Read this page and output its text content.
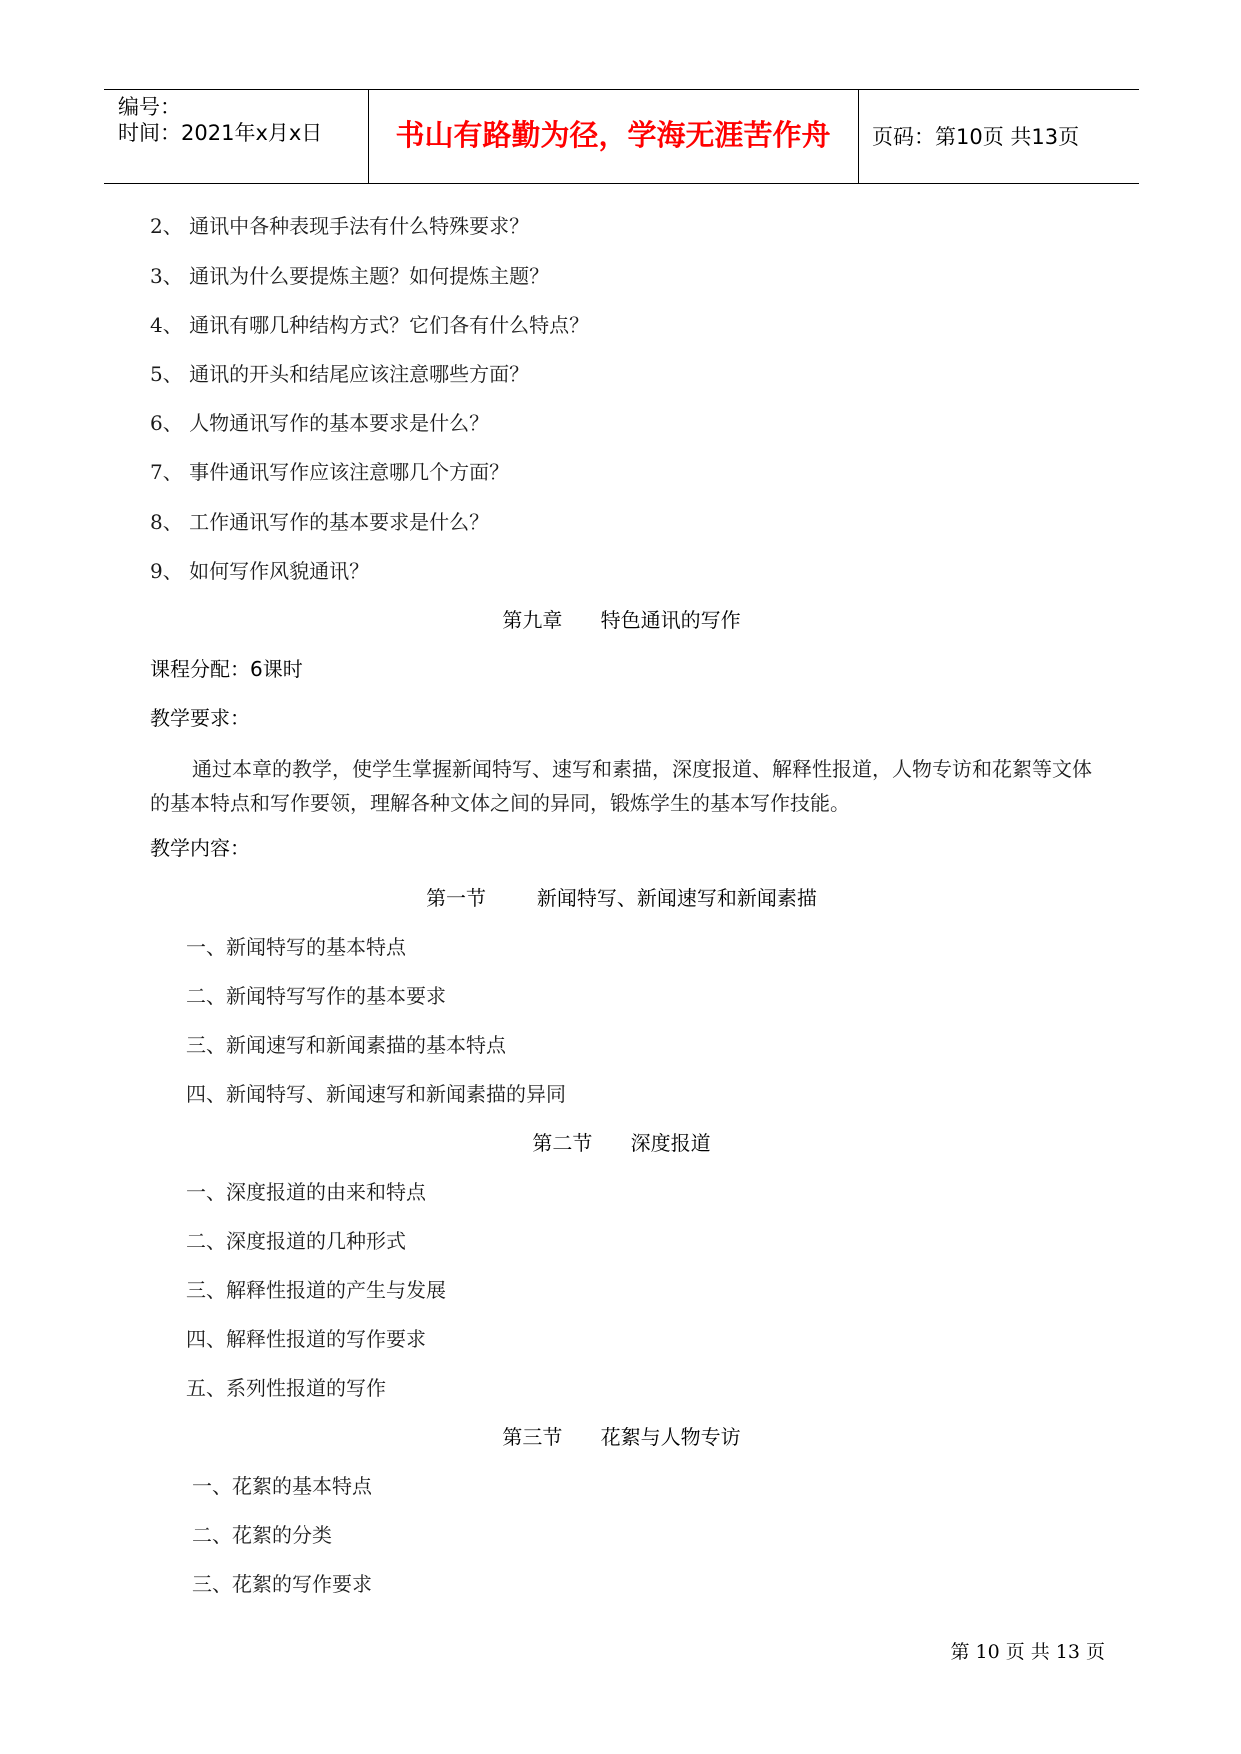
编号：
时间：2021年x月x日	书山有路勤为径，学海无涯苦作舟	页码：第10页 共13页
2、 通讯中各种表现手法有什么特殊要求？
3、 通讯为什么要提炼主题？如何提炼主题？
4、 通讯有哪几种结构方式？它们各有什么特点？
5、 通讯的开头和结尾应该注意哪些方面？
6、 人物通讯写作的基本要求是什么？
7、 事件通讯写作应该注意哪几个方面？
8、 工作通讯写作的基本要求是什么？
9、 如何写作风貌通讯？
第九章      特色通讯的写作
课程分配：6课时
教学要求：
通过本章的教学，使学生掌握新闻特写、速写和素描，深度报道、解释性报道，人物专访和花絮等文体的基本特点和写作要领，理解各种文体之间的异同，锻炼学生的基本写作技能。
教学内容：
第一节        新闻特写、新闻速写和新闻素描
一、新闻特写的基本特点
二、新闻特写写作的基本要求
三、新闻速写和新闻素描的基本特点
四、新闻特写、新闻速写和新闻素描的异同
第二节      深度报道
一、深度报道的由来和特点
二、深度报道的几种形式
三、解释性报道的产生与发展
四、解释性报道的写作要求
五、系列性报道的写作
第三节      花絮与人物专访
一、花絮的基本特点
二、花絮的分类
三、花絮的写作要求
第 10 页 共 13 页
